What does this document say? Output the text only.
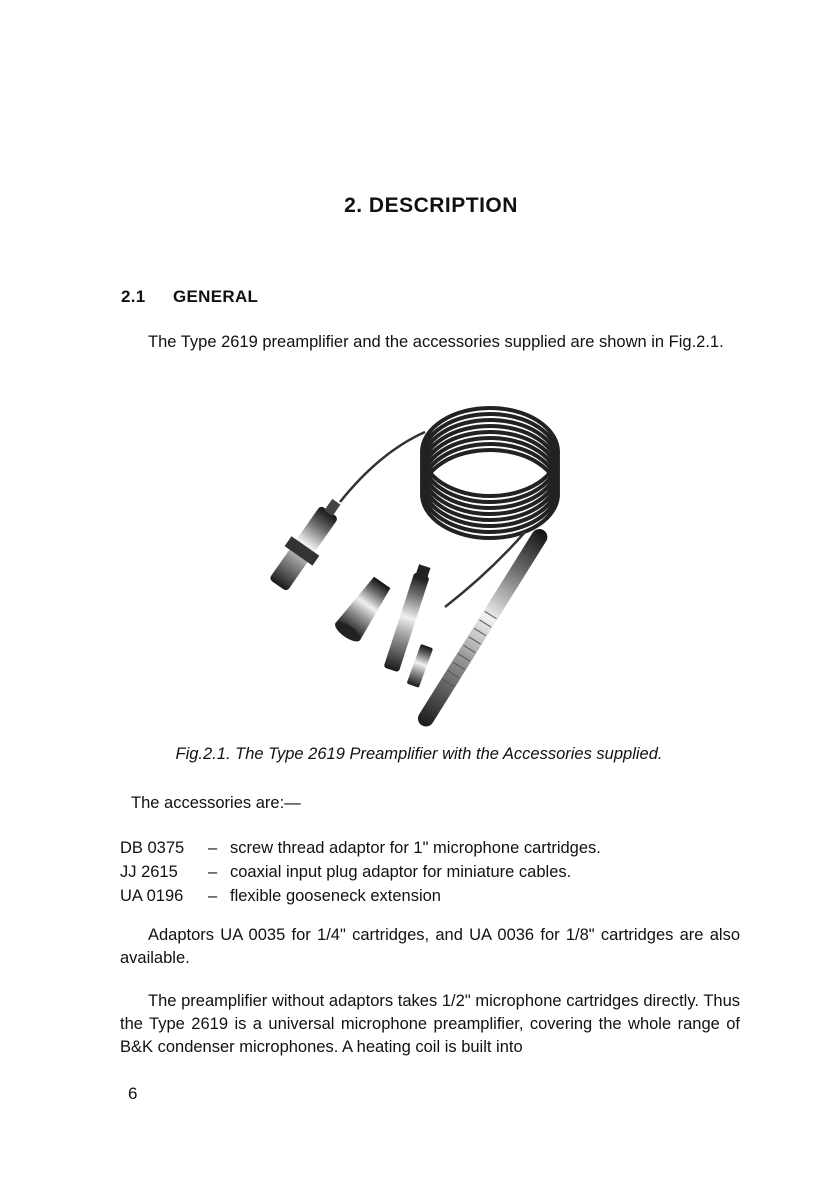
2. DESCRIPTION
2.1 GENERAL
The Type 2619 preamplifier and the accessories supplied are shown in Fig.2.1.
Fig.2.1. The Type 2619 Preamplifier with the Accessories supplied.
The accessories are:—
DB 0375 – screw thread adaptor for 1" microphone cartridges.
JJ 2615 – coaxial input plug adaptor for miniature cables.
UA 0196 – flexible gooseneck extension
Adaptors UA 0035 for 1/4" cartridges, and UA 0036 for 1/8" cartridges are also available.
The preamplifier without adaptors takes 1/2" microphone cartridges directly. Thus the Type 2619 is a universal microphone preamplifier, covering the whole range of B&K condenser microphones. A heating coil is built into
6
